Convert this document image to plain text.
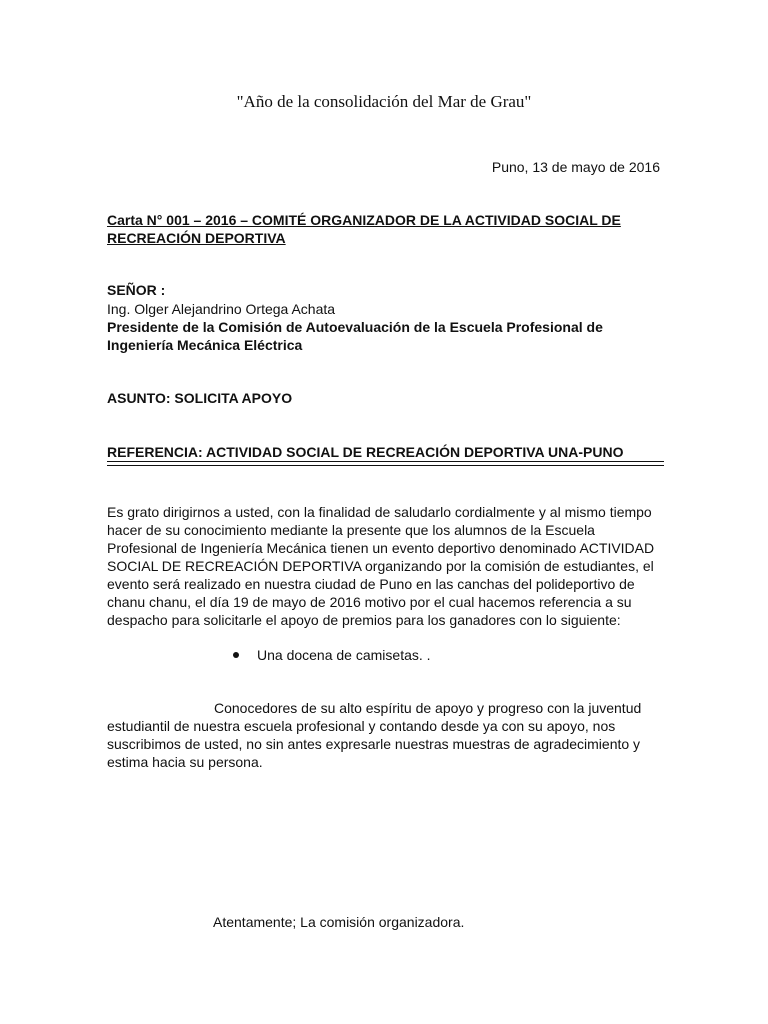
"Año de la consolidación del Mar de Grau"
Puno, 13 de mayo de 2016
Carta N° 001 – 2016 – COMITÉ ORGANIZADOR DE LA ACTIVIDAD SOCIAL DE RECREACIÓN DEPORTIVA
SEÑOR :
Ing. Olger Alejandrino Ortega Achata
Presidente de la Comisión de Autoevaluación de la Escuela Profesional de Ingeniería Mecánica Eléctrica
ASUNTO: SOLICITA APOYO
REFERENCIA: ACTIVIDAD SOCIAL DE RECREACIÓN DEPORTIVA UNA-PUNO
Es grato dirigirnos a usted, con la finalidad de saludarlo cordialmente y al mismo tiempo hacer de su conocimiento mediante la presente que los alumnos de la Escuela Profesional de Ingeniería Mecánica tienen un evento deportivo denominado ACTIVIDAD SOCIAL DE RECREACIÓN DEPORTIVA organizando por la comisión de estudiantes, el evento será realizado en nuestra ciudad de Puno en las canchas del polideportivo de chanu chanu, el día 19 de mayo de 2016 motivo por el cual hacemos referencia a su despacho para solicitarle el apoyo de premios para los ganadores con lo siguiente:
Una docena de camisetas. .
Conocedores de su alto espíritu de apoyo y progreso con la juventud estudiantil de nuestra escuela profesional y contando desde ya con su apoyo, nos suscribimos de usted, no sin antes expresarle nuestras muestras de agradecimiento y estima hacia su persona.
Atentamente; La comisión organizadora.
